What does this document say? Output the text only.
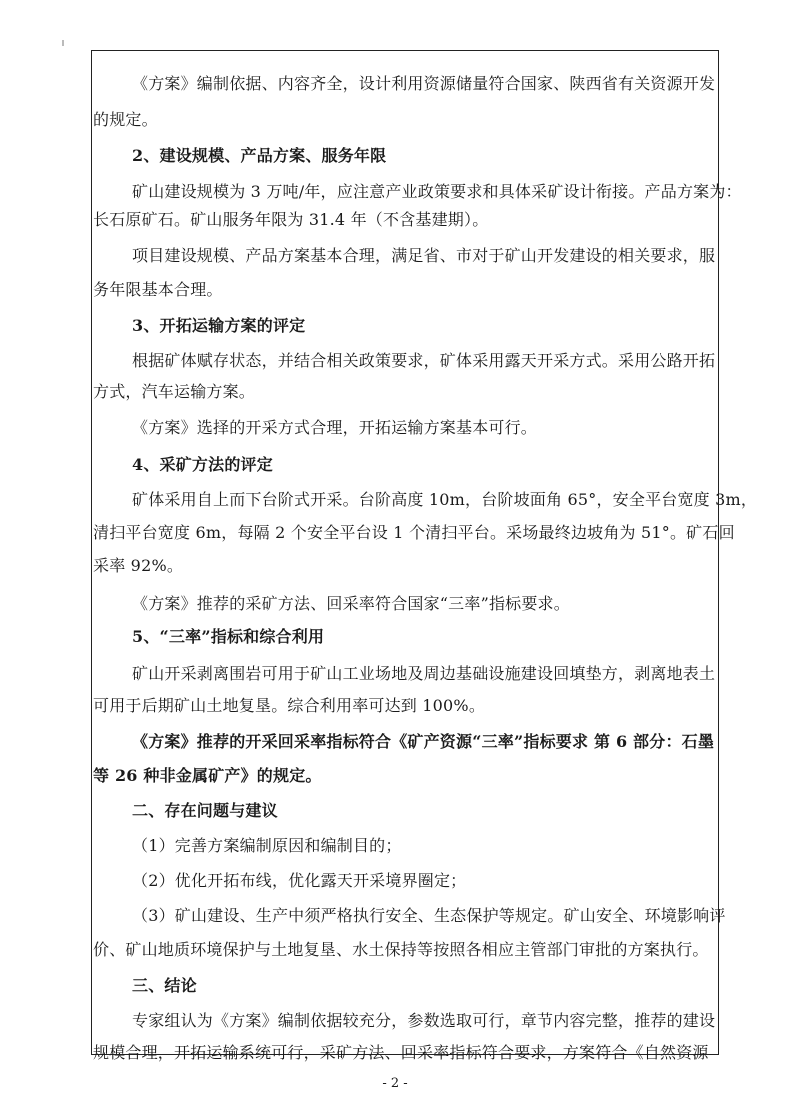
《方案》编制依据、内容齐全，设计利用资源储量符合国家、陕西省有关资源开发
的规定。
2、建设规模、产品方案、服务年限
矿山建设规模为 3 万吨/年，应注意产业政策要求和具体采矿设计衔接。产品方案为：
长石原矿石。矿山服务年限为 31.4 年（不含基建期）。
项目建设规模、产品方案基本合理，满足省、市对于矿山开发建设的相关要求，服
务年限基本合理。
3、开拓运输方案的评定
根据矿体赋存状态，并结合相关政策要求，矿体采用露天开采方式。采用公路开拓
方式，汽车运输方案。
《方案》选择的开采方式合理，开拓运输方案基本可行。
4、采矿方法的评定
矿体采用自上而下台阶式开采。台阶高度 10m，台阶坡面角 65°，安全平台宽度 3m，
清扫平台宽度 6m，每隔 2 个安全平台设 1 个清扫平台。采场最终边坡角为 51°。矿石回
采率 92%。
《方案》推荐的采矿方法、回采率符合国家“三率”指标要求。
5、“三率”指标和综合利用
矿山开采剥离围岩可用于矿山工业场地及周边基础设施建设回填垫方，剥离地表土
可用于后期矿山土地复垦。综合利用率可达到 100%。
《方案》推荐的开采回采率指标符合《矿产资源“三率”指标要求 第 6 部分：石墨
等 26 种非金属矿产》的规定。
二、存在问题与建议
（1）完善方案编制原因和编制目的；
（2）优化开拓布线，优化露天开采境界圈定；
（3）矿山建设、生产中须严格执行安全、生态保护等规定。矿山安全、环境影响评
价、矿山地质环境保护与土地复垦、水土保持等按照各相应主管部门审批的方案执行。
三、结论
专家组认为《方案》编制依据较充分，参数选取可行，章节内容完整，推荐的建设
规模合理，开拓运输系统可行，采矿方法、回采率指标符合要求，方案符合《自然资源
- 2 -
